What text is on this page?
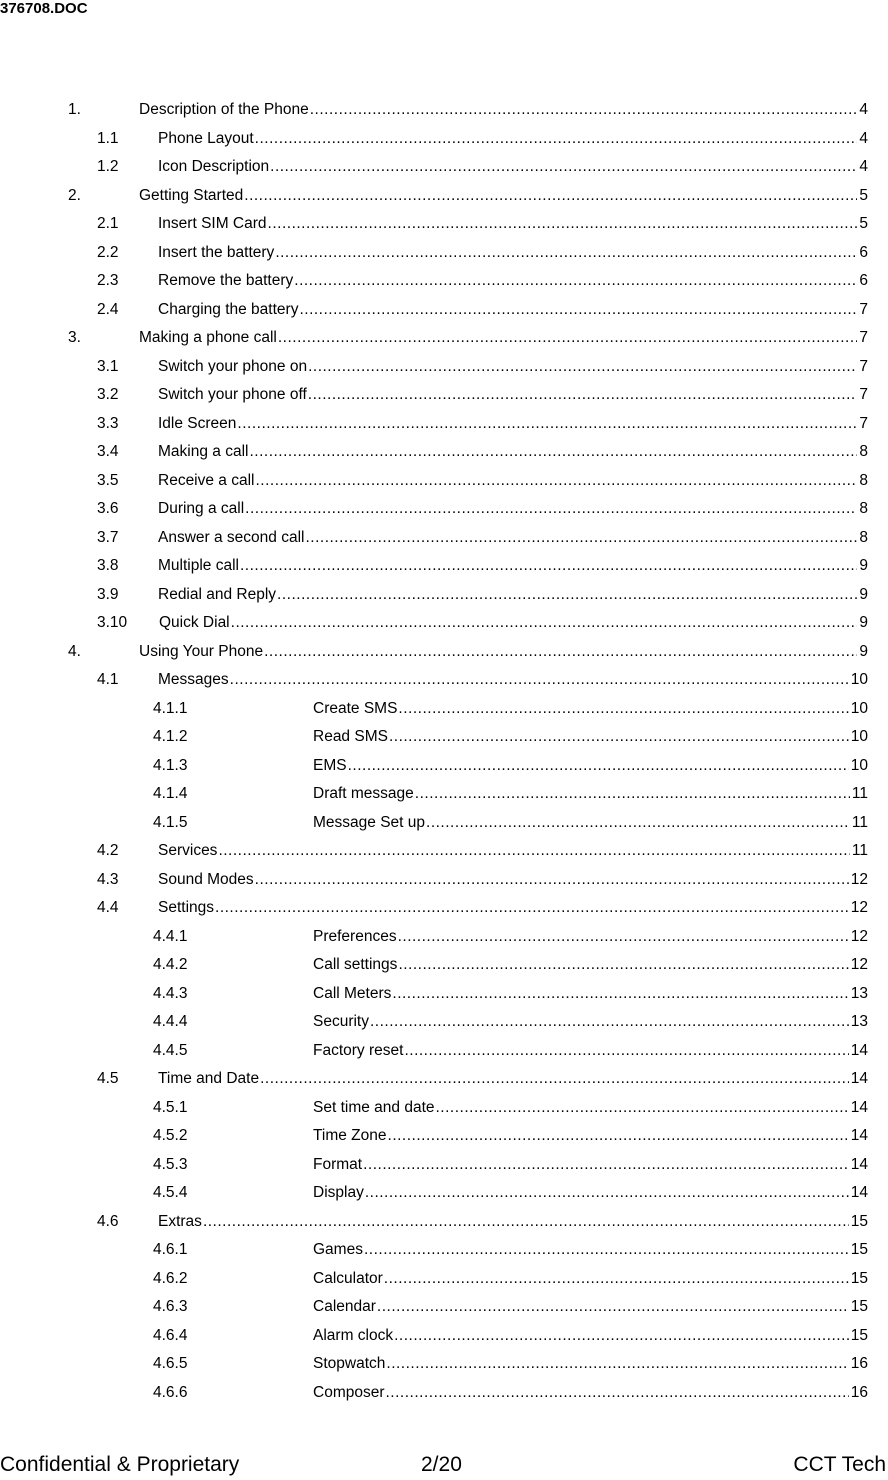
376708.DOC
1.	Description of the Phone .....	4
1.1	Phone Layout .....	4
1.2	Icon Description .....	4
2.	Getting Started .....	5
2.1	Insert SIM Card .....	5
2.2	Insert the battery .....	6
2.3	Remove the battery .....	6
2.4	Charging the battery .....	7
3.	Making a phone call .....	7
3.1	Switch your phone on .....	7
3.2	Switch your phone off .....	7
3.3	Idle Screen .....	7
3.4	Making a call .....	8
3.5	Receive a call .....	8
3.6	During a call .....	8
3.7	Answer a second call .....	8
3.8	Multiple call .....	9
3.9	Redial and Reply .....	9
3.10 Quick Dial .....	9
4.	Using Your Phone .....	9
4.1	Messages .....	10
4.1.1	Create SMS .....	10
4.1.2	Read SMS .....	10
4.1.3	EMS .....	10
4.1.4	Draft message .....	11
4.1.5	Message Set up .....	11
4.2	Services .....	11
4.3	Sound Modes .....	12
4.4	Settings .....	12
4.4.1	Preferences .....	12
4.4.2	Call settings .....	12
4.4.3	Call Meters .....	13
4.4.4	Security .....	13
4.4.5	Factory reset .....	14
4.5	Time and Date .....	14
4.5.1	Set time and date .....	14
4.5.2	Time Zone .....	14
4.5.3	Format .....	14
4.5.4	Display .....	14
4.6	Extras .....	15
4.6.1	Games .....	15
4.6.2	Calculator .....	15
4.6.3	Calendar .....	15
4.6.4	Alarm clock .....	15
4.6.5	Stopwatch .....	16
4.6.6	Composer .....	16
Confidential & Proprietary	2/20	CCT Tech
